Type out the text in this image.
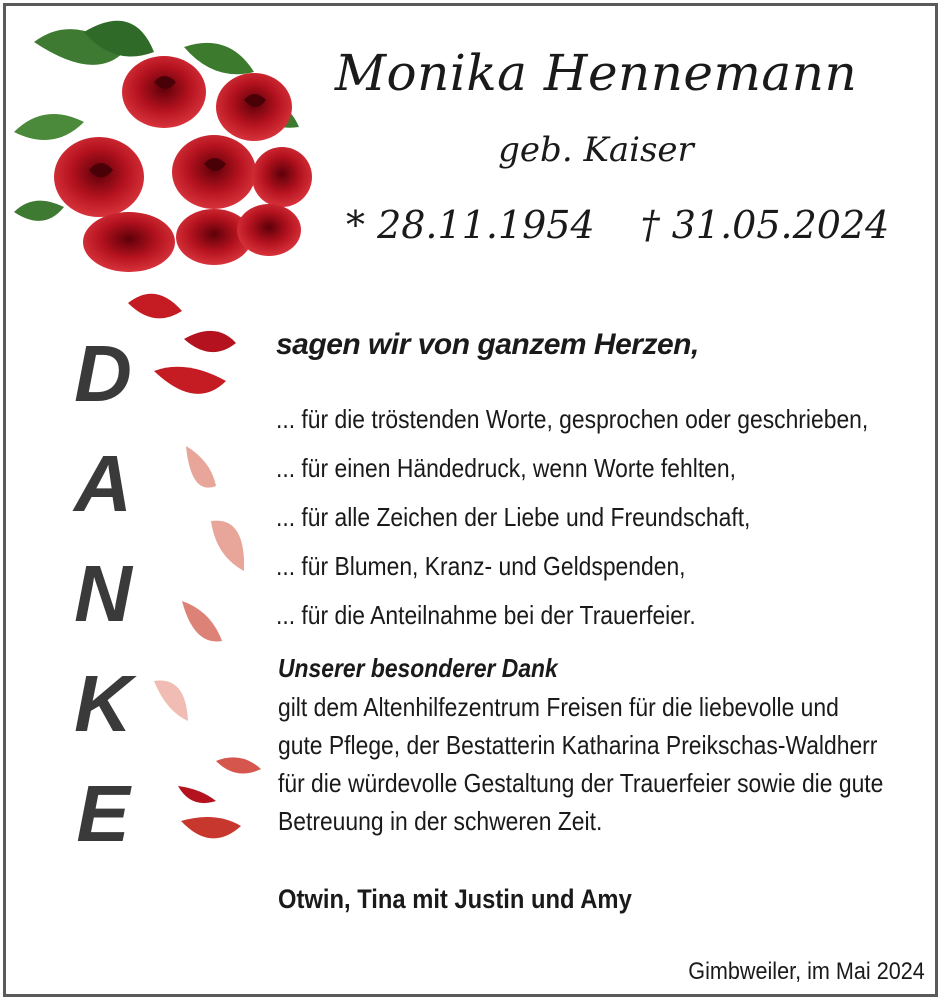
Monika Hennemann
geb. Kaiser
* 28.11.1954 † 31.05.2024
D
A
N
K
E
sagen wir von ganzem Herzen,
... für die tröstenden Worte, gesprochen oder geschrieben,
... für einen Händedruck, wenn Worte fehlten,
... für alle Zeichen der Liebe und Freundschaft,
... für Blumen, Kranz- und Geldspenden,
... für die Anteilnahme bei der Trauerfeier.
Unserer besonderer Dank
gilt dem Altenhilfezentrum Freisen für die liebevolle und
gute Pflege, der Bestatterin Katharina Preikschas-Waldherr
für die würdevolle Gestaltung der Trauerfeier sowie die gute
Betreuung in der schweren Zeit.
Otwin, Tina mit Justin und Amy
Gimbweiler, im Mai 2024
